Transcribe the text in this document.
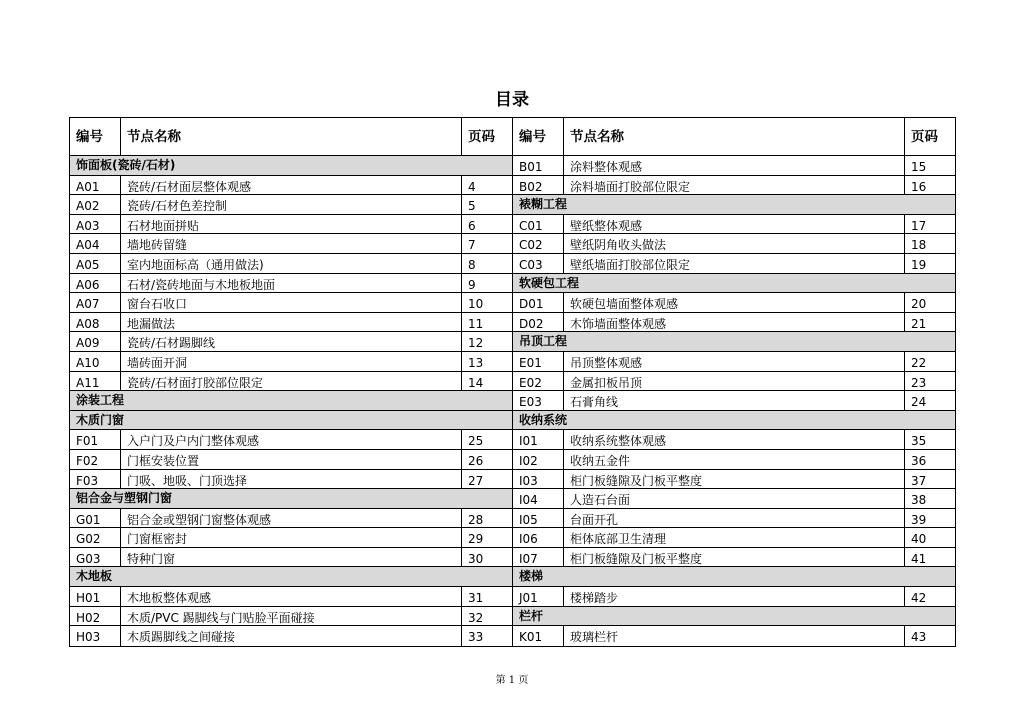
目录
编号	节点名称	页码
饰面板(瓷砖/石材)
A01	瓷砖/石材面层整体观感	4
A02	瓷砖/石材色差控制	5
A03	石材地面拼贴	6
A04	墙地砖留缝	7
A05	室内地面标高（通用做法)	8
A06	石材/瓷砖地面与木地板地面	9
A07	窗台石收口	10
A08	地漏做法	11
A09	瓷砖/石材踢脚线	12
A10	墙砖面开洞	13
A11	瓷砖/石材面打胶部位限定	14
涂装工程
木质门窗
F01	入户门及户内门整体观感	25
F02	门框安装位置	26
F03	门吸、地吸、门顶选择	27
铝合金与塑钢门窗
G01	铝合金或塑钢门窗整体观感	28
G02	门窗框密封	29
G03	特种门窗	30
木地板
H01	木地板整体观感	31
H02	木质/PVC 踢脚线与门贴脸平面碰接	32
H03	木质踢脚线之间碰接	33
编号	节点名称	页码
B01	涂料整体观感	15
B02	涂料墙面打胶部位限定	16
裱糊工程
C01	壁纸整体观感	17
C02	壁纸阴角收头做法	18
C03	壁纸墙面打胶部位限定	19
软硬包工程
D01	软硬包墙面整体观感	20
D02	木饰墙面整体观感	21
吊顶工程
E01	吊顶整体观感	22
E02	金属扣板吊顶	23
E03	石膏角线	24
收纳系统
I01	收纳系统整体观感	35
I02	收纳五金件	36
I03	柜门板缝隙及门板平整度	37
I04	人造石台面	38
I05	台面开孔	39
I06	柜体底部卫生清理	40
I07	柜门板缝隙及门板平整度	41
楼梯
J01	楼梯踏步	42
栏杆
K01	玻璃栏杆	43
第 1 页
